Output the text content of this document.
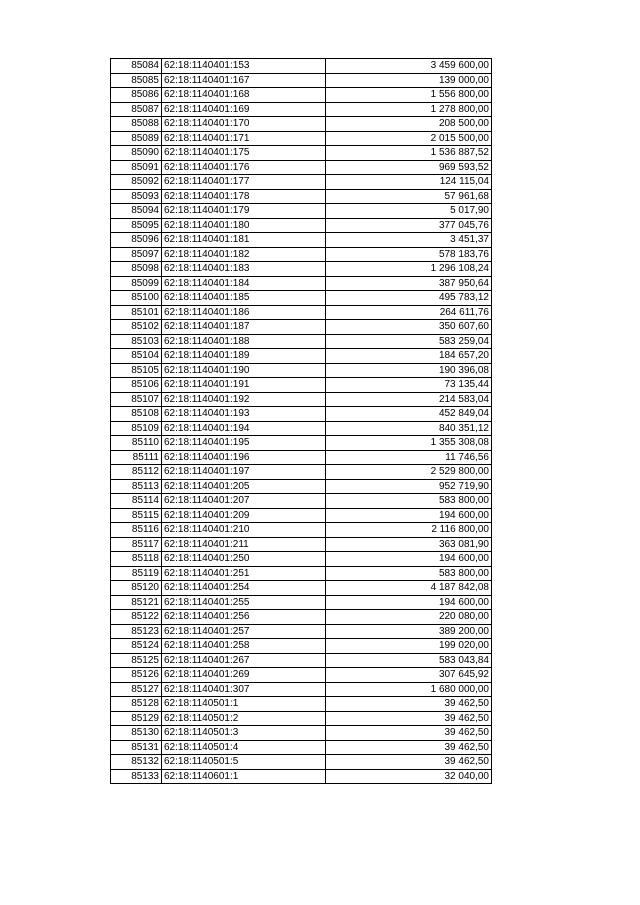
85084	62:18:1140401:153	3 459 600,00
85085	62:18:1140401:167	139 000,00
85086	62:18:1140401:168	1 556 800,00
85087	62:18:1140401:169	1 278 800,00
85088	62:18:1140401:170	208 500,00
85089	62:18:1140401:171	2 015 500,00
85090	62:18:1140401:175	1 536 887,52
85091	62:18:1140401:176	969 593,52
85092	62:18:1140401:177	124 115,04
85093	62:18:1140401:178	57 961,68
85094	62:18:1140401:179	5 017,90
85095	62:18:1140401:180	377 045,76
85096	62:18:1140401:181	3 451,37
85097	62:18:1140401:182	578 183,76
85098	62:18:1140401:183	1 296 108,24
85099	62:18:1140401:184	387 950,64
85100	62:18:1140401:185	495 783,12
85101	62:18:1140401:186	264 611,76
85102	62:18:1140401:187	350 607,60
85103	62:18:1140401:188	583 259,04
85104	62:18:1140401:189	184 657,20
85105	62:18:1140401:190	190 396,08
85106	62:18:1140401:191	73 135,44
85107	62:18:1140401:192	214 583,04
85108	62:18:1140401:193	452 849,04
85109	62:18:1140401:194	840 351,12
85110	62:18:1140401:195	1 355 308,08
85111	62:18:1140401:196	11 746,56
85112	62:18:1140401:197	2 529 800,00
85113	62:18:1140401:205	952 719,90
85114	62:18:1140401:207	583 800,00
85115	62:18:1140401:209	194 600,00
85116	62:18:1140401:210	2 116 800,00
85117	62:18:1140401:211	363 081,90
85118	62:18:1140401:250	194 600,00
85119	62:18:1140401:251	583 800,00
85120	62:18:1140401:254	4 187 842,08
85121	62:18:1140401:255	194 600,00
85122	62:18:1140401:256	220 080,00
85123	62:18:1140401:257	389 200,00
85124	62:18:1140401:258	199 020,00
85125	62:18:1140401:267	583 043,84
85126	62:18:1140401:269	307 645,92
85127	62:18:1140401:307	1 680 000,00
85128	62:18:1140501:1	39 462,50
85129	62:18:1140501:2	39 462,50
85130	62:18:1140501:3	39 462,50
85131	62:18:1140501:4	39 462,50
85132	62:18:1140501:5	39 462,50
85133	62:18:1140601:1	32 040,00
